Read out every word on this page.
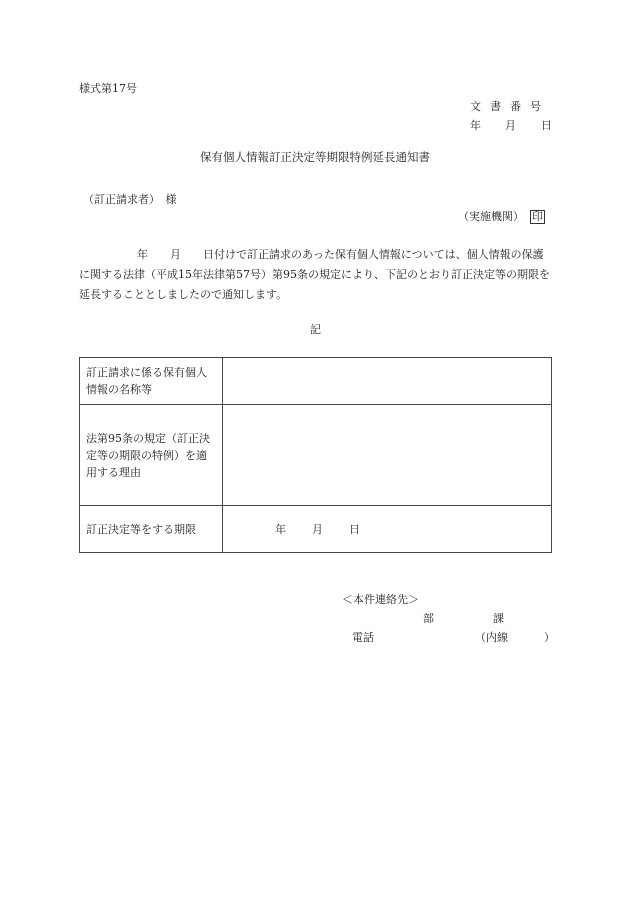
様式第17号
文書番号
年 月 日
保有個人情報訂正決定等期限特例延長通知書
（訂正請求者）　様
（実施機関） 印
年　　月　　日付けで訂正請求のあった保有個人情報については、個人情報の保護に関する法律（平成15年法律第57号）第95条の規定により、下記のとおり訂正決定等の期限を延長することとしましたので通知します。
記
訂正請求に係る保有個人情報の名称等	
法第95条の規定（訂正決定等の期限の特例）を適用する理由	
訂正決定等をする期限	年 月 日
＜本件連絡先＞
部	課
電話	（内線	）
